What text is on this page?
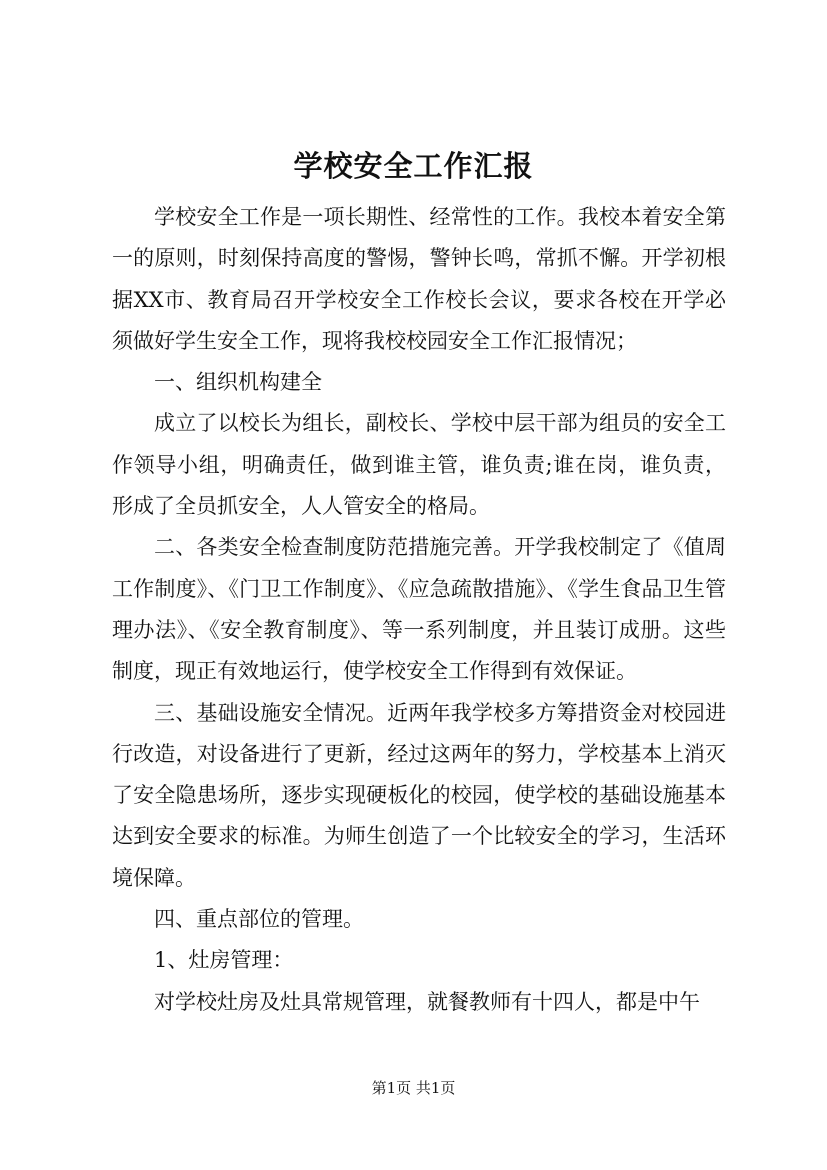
学校安全工作汇报

学校安全工作是一项长期性、经常性的工作。我校本着安全第一的原则，时刻保持高度的警惕，警钟长鸣，常抓不懈。开学初根据XX市、教育局召开学校安全工作校长会议，要求各校在开学必须做好学生安全工作，现将我校校园安全工作汇报情况；

一、组织机构建全

成立了以校长为组长，副校长、学校中层干部为组员的安全工作领导小组，明确责任，做到谁主管，谁负责;谁在岗，谁负责，形成了全员抓安全，人人管安全的格局。

二、各类安全检查制度防范措施完善。开学我校制定了《值周工作制度》、《门卫工作制度》、《应急疏散措施》、《学生食品卫生管理办法》、《安全教育制度》、等一系列制度，并且装订成册。这些制度，现正有效地运行，使学校安全工作得到有效保证。

三、基础设施安全情况。近两年我学校多方筹措资金对校园进行改造，对设备进行了更新，经过这两年的努力，学校基本上消灭了安全隐患场所，逐步实现硬板化的校园，使学校的基础设施基本达到安全要求的标准。为师生创造了一个比较安全的学习，生活环境保障。

四、重点部位的管理。

1、灶房管理：

对学校灶房及灶具常规管理，就餐教师有十四人，都是中午

第1页 共1页
